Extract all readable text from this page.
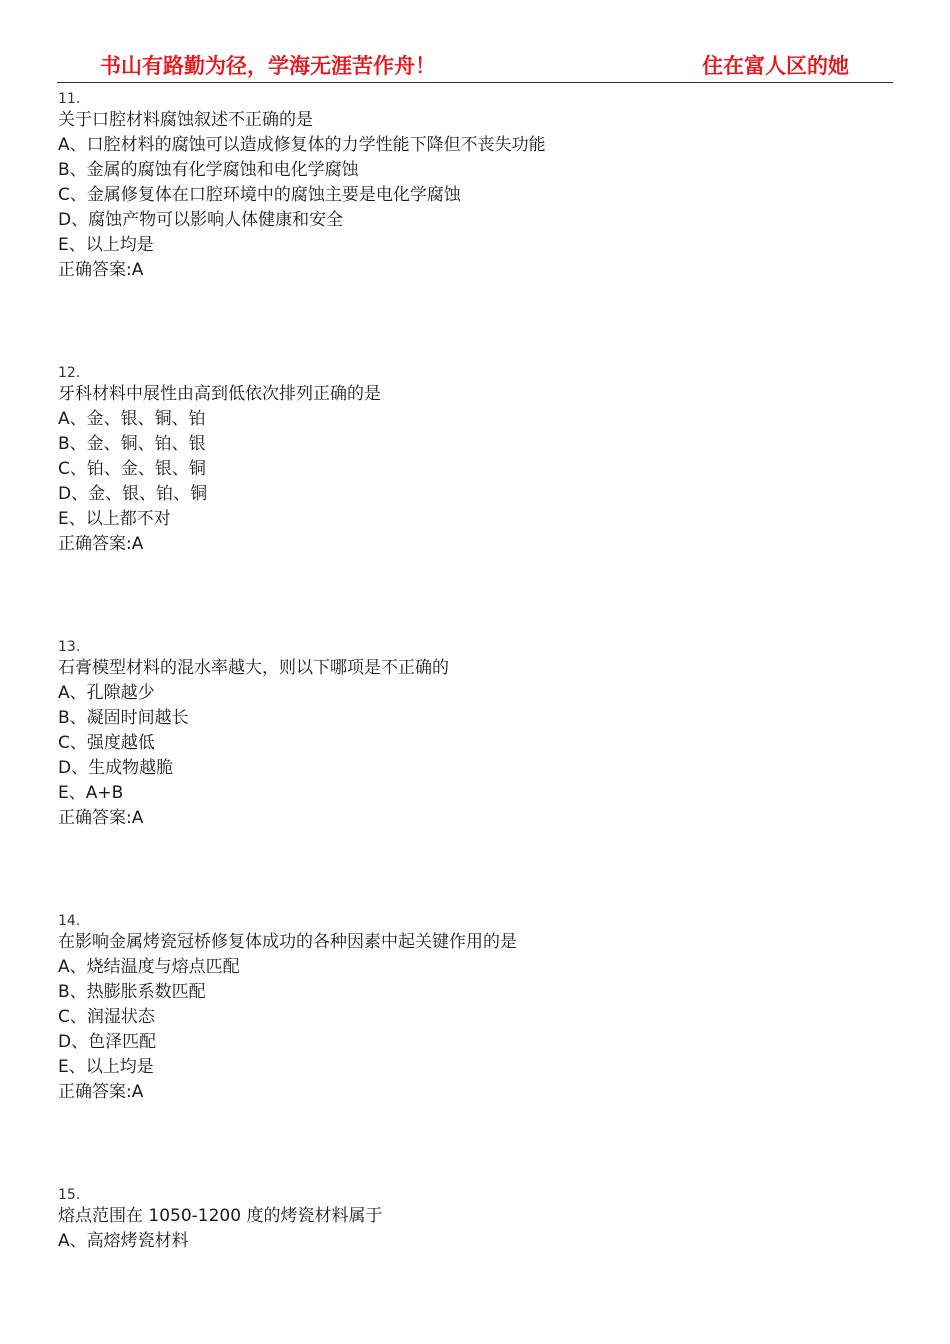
书山有路勤为径，学海无涯苦作舟！	住在富人区的她
11.
关于口腔材料腐蚀叙述不正确的是
A、口腔材料的腐蚀可以造成修复体的力学性能下降但不丧失功能
B、金属的腐蚀有化学腐蚀和电化学腐蚀
C、金属修复体在口腔环境中的腐蚀主要是电化学腐蚀
D、腐蚀产物可以影响人体健康和安全
E、以上均是
正确答案:A
12.
牙科材料中展性由高到低依次排列正确的是
A、金、银、铜、铂
B、金、铜、铂、银
C、铂、金、银、铜
D、金、银、铂、铜
E、以上都不对
正确答案:A
13.
石膏模型材料的混水率越大，则以下哪项是不正确的
A、孔隙越少
B、凝固时间越长
C、强度越低
D、生成物越脆
E、A+B
正确答案:A
14.
在影响金属烤瓷冠桥修复体成功的各种因素中起关键作用的是
A、烧结温度与熔点匹配
B、热膨胀系数匹配
C、润湿状态
D、色泽匹配
E、以上均是
正确答案:A
15.
熔点范围在 1050-1200 度的烤瓷材料属于
A、高熔烤瓷材料
